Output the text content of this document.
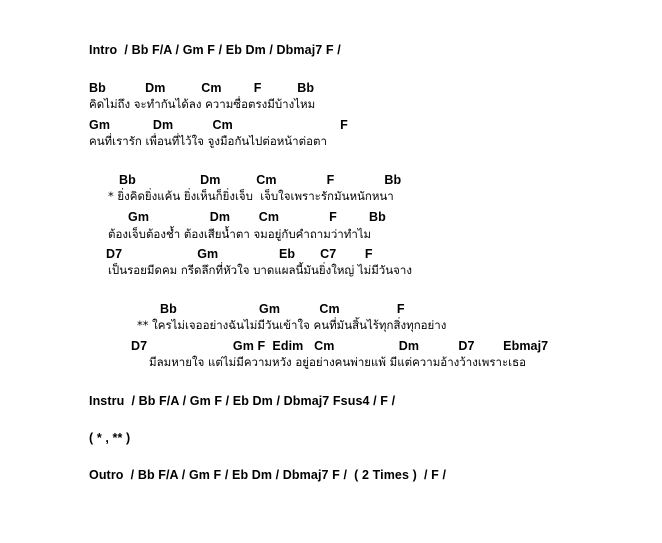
Intro  / Bb F/A / Gm F / Eb Dm / Dbmaj7 F /
Bb           Dm          Cm         F          Bb
คิดไม่ถึง จะทำกันได้ลง ความซื่อตรงมีบ้างไหม
Gm            Dm           Cm                              F
คนที่เรารัก เพื่อนที่ไว้ใจ จูงมือกันไปต่อหน้าต่อตา
Bb                  Dm          Cm              F              Bb
* ยิ่งคิดยิ่งแค้น ยิ่งเห็นก็ยิ่งเจ็บ  เจ็บใจเพราะรักมันหนักหนา
Gm                 Dm        Cm              F         Bb
ต้องเจ็บต้องช้ำ ต้องเสียน้ำตา จมอยู่กับคำถามว่าทำไม
D7                     Gm                 Eb       C7        F
เป็นรอยมีดคม กรีดลึกที่หัวใจ บาดแผลนี้มันยิ่งใหญ่ ไม่มีวันจาง
Bb                       Gm           Cm                F
** ใครไม่เจออย่างฉันไม่มีวันเข้าใจ คนที่มันสิ้นไร้ทุกสิ่งทุกอย่าง
D7                        Gm F  Edim   Cm                  Dm           D7        Ebmaj7
มีลมหายใจ แต่ไม่มีความหวัง อยู่อย่างคนพ่ายแพ้ มีแต่ความอ้างว้างเพราะเธอ
Instru  / Bb F/A / Gm F / Eb Dm / Dbmaj7 Fsus4 / F /
( * , ** )
Outro  / Bb F/A / Gm F / Eb Dm / Dbmaj7 F /  ( 2 Times )  / F /
